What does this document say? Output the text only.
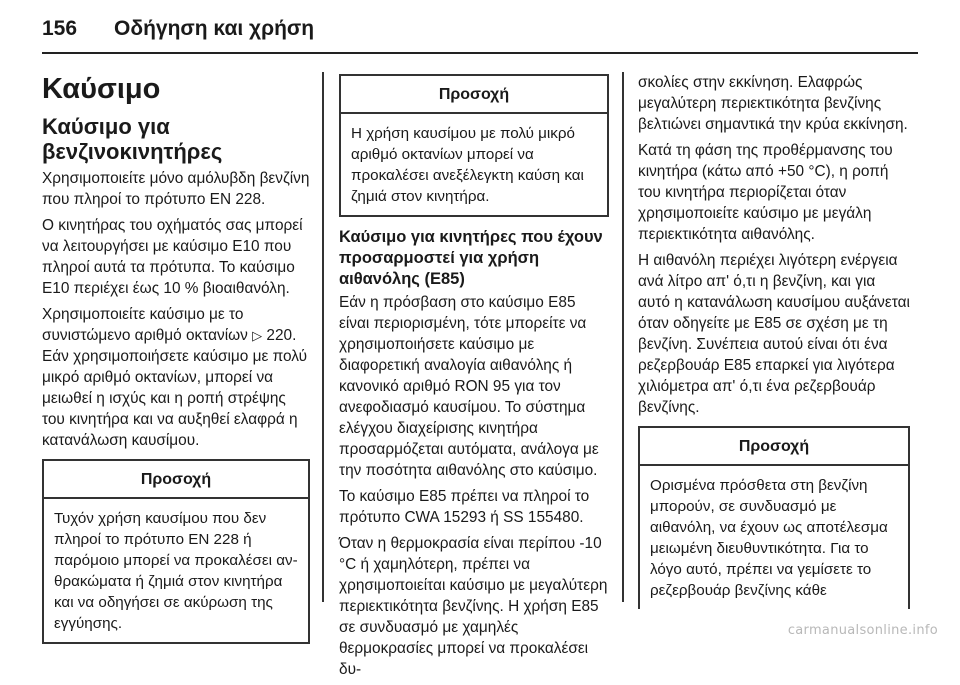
156	Οδήγηση και χρήση
Καύσιμο
Καύσιμο για βενζινοκινητήρες

Χρησιμοποιείτε μόνο αμόλυβδη βενζίνη που πληροί το πρότυπο EN 228.

Ο κινητήρας του οχήματός σας μπορεί να λειτουργήσει με καύσιμο E10 που πληροί αυτά τα πρότυπα. Το καύσιμο E10 περιέχει έως 10 % βιοαιθανόλη.

Χρησιμοποιείτε καύσιμο με το συνιστώμενο αριθμό οκτανίων ▷ 220. Εάν χρησιμοποιήσετε καύσιμο με πολύ μικρό αριθμό οκτανίων, μπορεί να μειωθεί η ισχύς και η ροπή στρέψης του κινητήρα και να αυξηθεί ελαφρά η κατανάλωση καυσίμου.

Προσοχή
Τυχόν χρήση καυσίμου που δεν πληροί το πρότυπο EN 228 ή παρόμοιο μπορεί να προκαλέσει ανθρακώματα ή ζημιά στον κινητήρα και να οδηγήσει σε ακύρωση της εγγύησης.
Προσοχή
Η χρήση καυσίμου με πολύ μικρό αριθμό οκτανίων μπορεί να προκαλέσει ανεξέλεγκτη καύση και ζημιά στον κινητήρα.
Καύσιμο για κινητήρες που έχουν προσαρμοστεί για χρήση αιθανόλης (E85)

Εάν η πρόσβαση στο καύσιμο E85 είναι περιορισμένη, τότε μπορείτε να χρησιμοποιήσετε καύσιμο με διαφορετική αναλογία αιθανόλης ή κανονικό αριθμό RON 95 για τον ανεφοδιασμό καυσίμου. Το σύστημα ελέγχου διαχείρισης κινητήρα προσαρμόζεται αυτόματα, ανάλογα με την ποσότητα αιθανόλης στο καύσιμο.

Το καύσιμο E85 πρέπει να πληροί το πρότυπο CWA 15293 ή SS 155480.

Όταν η θερμοκρασία είναι περίπου -10 °C ή χαμηλότερη, πρέπει να χρησιμοποιείται καύσιμο με μεγαλύτερη περιεκτικότητα βενζίνης. Η χρήση E85 σε συνδυασμό με χαμηλές θερμοκρασίες μπορεί να προκαλέσει δυ-

σκολίες στην εκκίνηση. Ελαφρώς μεγαλύτερη περιεκτικότητα βενζίνης βελτιώνει σημαντικά την κρύα εκκίνηση.

Κατά τη φάση της προθέρμανσης του κινητήρα (κάτω από +50 °C), η ροπή του κινητήρα περιορίζεται όταν χρησιμοποιείτε καύσιμο με μεγάλη περιεκτικότητα αιθανόλης.

Η αιθανόλη περιέχει λιγότερη ενέργεια ανά λίτρο απ' ό,τι η βενζίνη, και για αυτό η κατανάλωση καυσίμου αυξάνεται όταν οδηγείτε με E85 σε σχέση με τη βενζίνη. Συνέπεια αυτού είναι ότι ένα ρεζερβουάρ E85 επαρκεί για λιγότερα χιλιόμετρα απ' ό,τι ένα ρεζερβουάρ βενζίνης.

Προσοχή
Ορισμένα πρόσθετα στη βενζίνη μπορούν, σε συνδυασμό με αιθανόλη, να έχουν ως αποτέλεσμα μειωμένη διευθυντικότητα. Για το λόγο αυτό, πρέπει να γεμίσετε το ρεζερβουάρ βενζίνης κάθε
carmanualsonline.info
